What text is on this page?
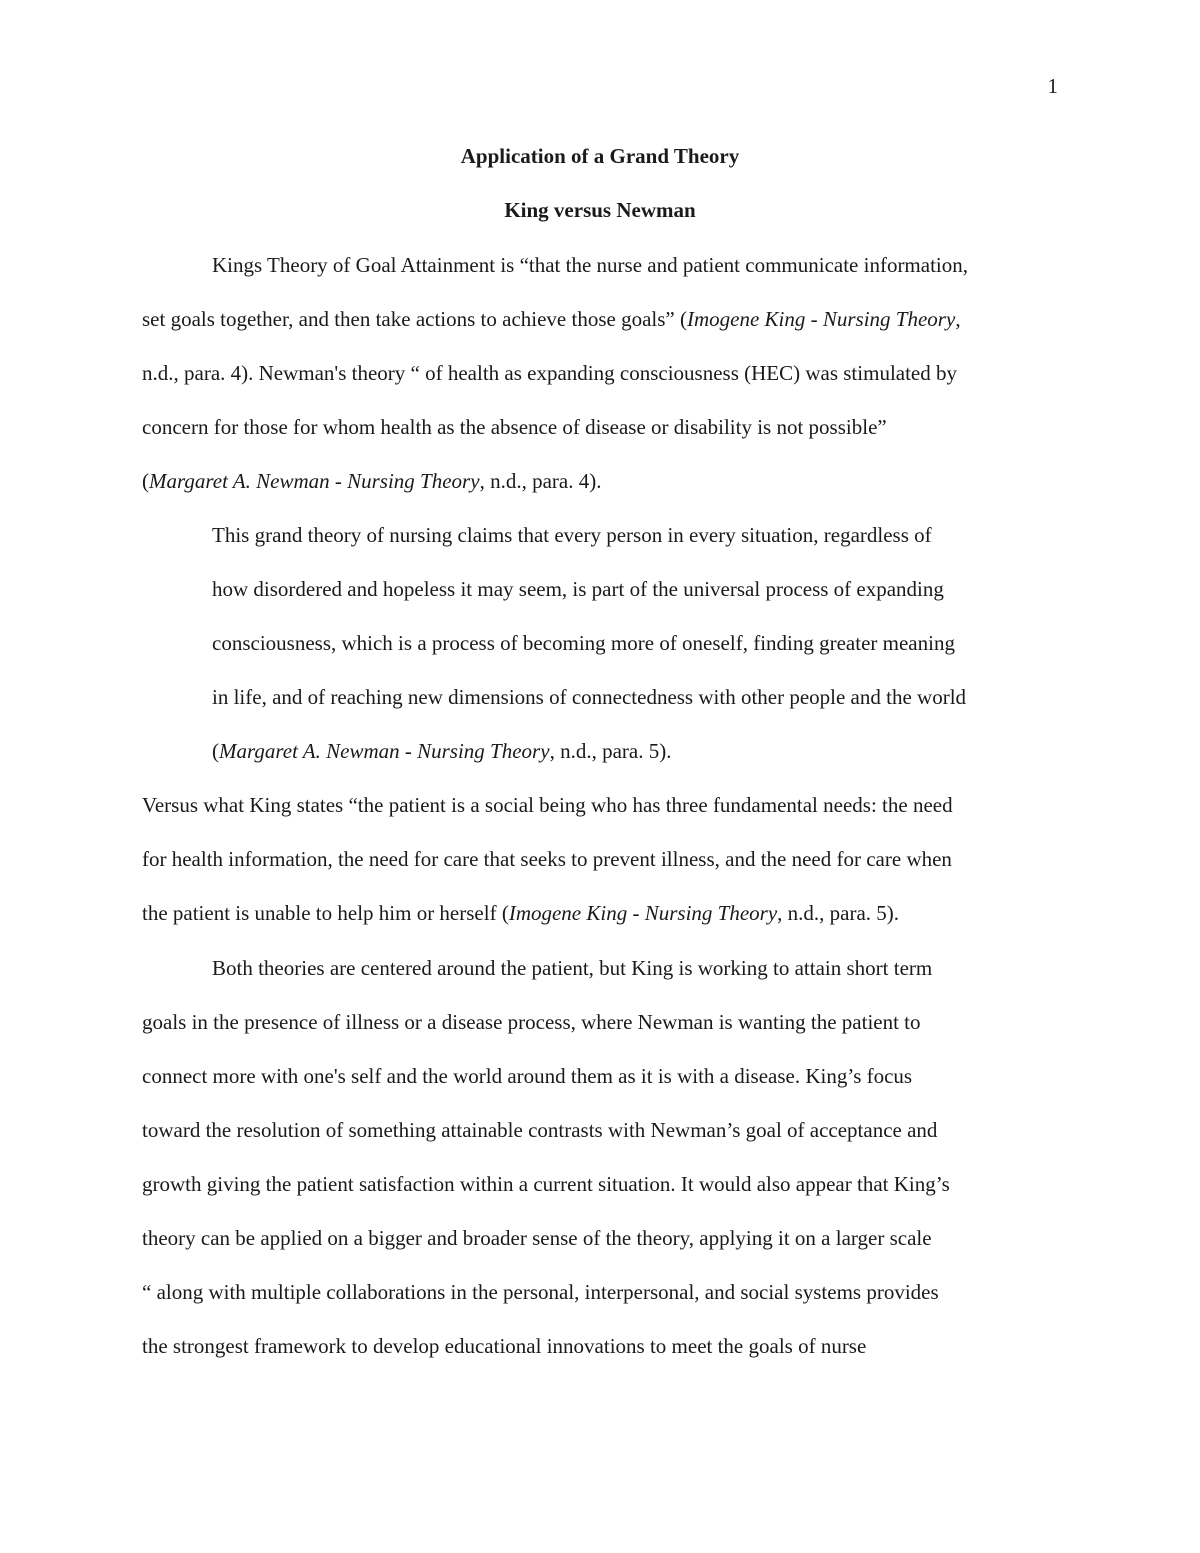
1
Application of a Grand Theory
King versus Newman
Kings Theory of Goal Attainment is “that the nurse and patient communicate information,
set goals together, and then take actions to achieve those goals” (Imogene King - Nursing Theory,
n.d., para. 4). Newman's theory “ of health as expanding consciousness (HEC) was stimulated by
concern for those for whom health as the absence of disease or disability is not possible”
(Margaret A. Newman - Nursing Theory, n.d., para. 4).
This grand theory of nursing claims that every person in every situation, regardless of
how disordered and hopeless it may seem, is part of the universal process of expanding
consciousness, which is a process of becoming more of oneself, finding greater meaning
in life, and of reaching new dimensions of connectedness with other people and the world
(Margaret A. Newman - Nursing Theory, n.d., para. 5).
Versus what King states “the patient is a social being who has three fundamental needs: the need
for health information, the need for care that seeks to prevent illness, and the need for care when
the patient is unable to help him or herself (Imogene King - Nursing Theory, n.d., para. 5).
Both theories are centered around the patient, but King is working to attain short term
goals in the presence of illness or a disease process, where Newman is wanting the patient to
connect more with one's self and the world around them as it is with a disease. King’s focus
toward the resolution of something attainable contrasts with Newman’s goal of acceptance and
growth giving the patient satisfaction within a current situation. It would also appear that King’s
theory can be applied on a bigger and broader sense of the theory, applying it on a larger scale
“ along with multiple collaborations in the personal, interpersonal, and social systems provides
the strongest framework to develop educational innovations to meet the goals of nurse
